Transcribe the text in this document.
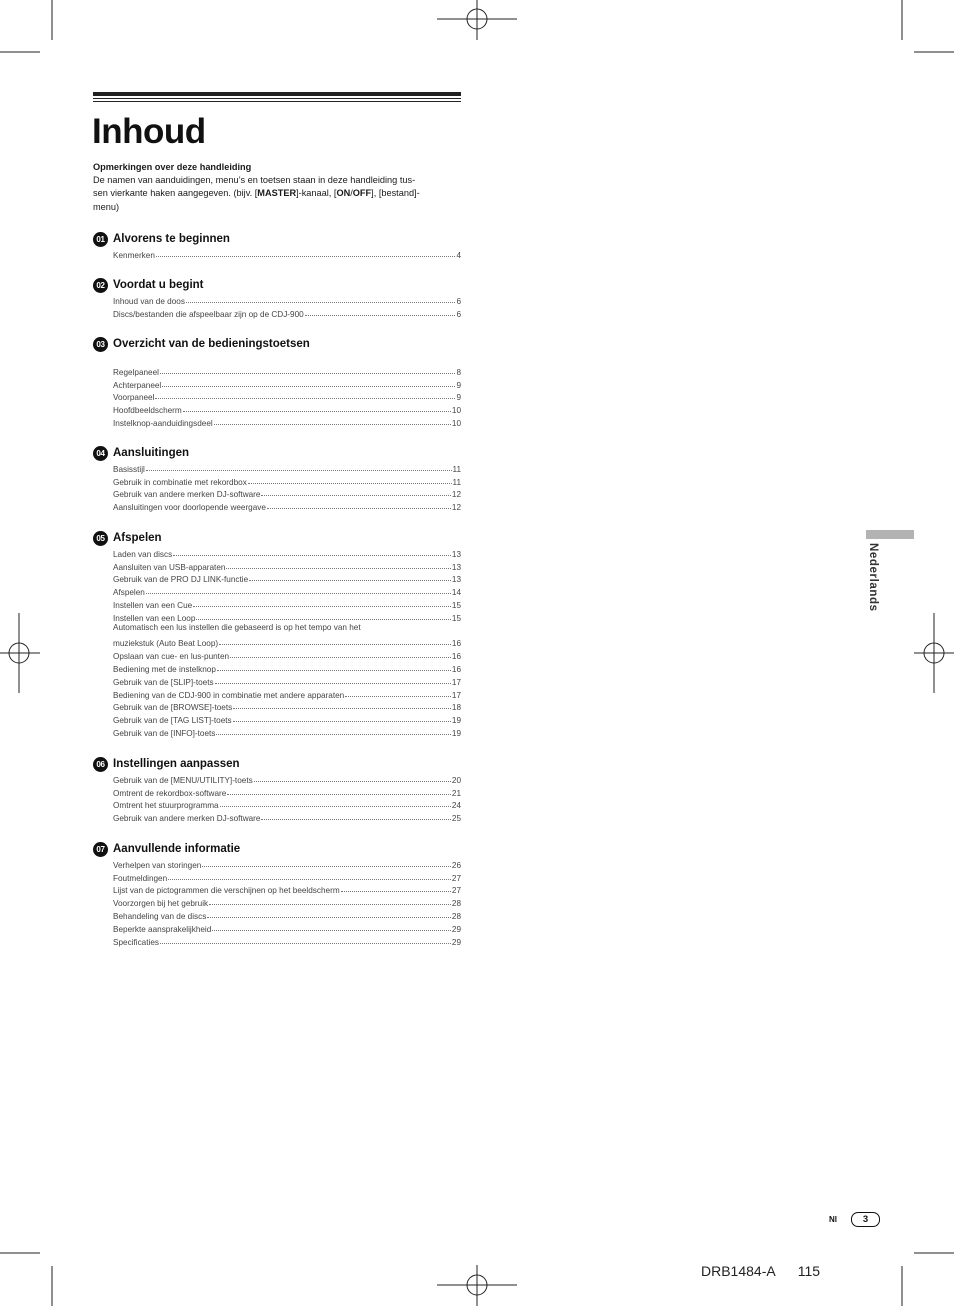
Inhoud
Opmerkingen over deze handleiding
De namen van aanduidingen, menu’s en toetsen staan in deze handleiding tus-
sen vierkante haken aangegeven. (bijv. [MASTER]-kanaal, [ON/OFF], [bestand]-
menu)
01 Alvorens te beginnen
Kenmerken	4
02 Voordat u begint
Inhoud van de doos	6
Discs/bestanden die afspeelbaar zijn op de CDJ-900	6
03 Overzicht van de bedieningstoetsen
Regelpaneel	8
Achterpaneel	9
Voorpaneel	9
Hoofdbeeldscherm	10
Instelknop-aanduidingsdeel	10
04 Aansluitingen
Basisstijl	11
Gebruik in combinatie met rekordbox	11
Gebruik van andere merken DJ-software	12
Aansluitingen voor doorlopende weergave	12
05 Afspelen
Laden van discs	13
Aansluiten van USB-apparaten	13
Gebruik van de PRO DJ LINK-functie	13
Afspelen	14
Instellen van een Cue	15
Instellen van een Loop	15
Automatisch een lus instellen die gebaseerd is op het tempo van het
muziekstuk (Auto Beat Loop)	16
Opslaan van cue- en lus-punten	16
Bediening met de instelknop	16
Gebruik van de [SLIP]-toets	17
Bediening van de CDJ-900 in combinatie met andere apparaten	17
Gebruik van de [BROWSE]-toets	18
Gebruik van de [TAG LIST]-toets	19
Gebruik van de [INFO]-toets	19
06 Instellingen aanpassen
Gebruik van de [MENU/UTILITY]-toets	20
Omtrent de rekordbox-software	21
Omtrent het stuurprogramma	24
Gebruik van andere merken DJ-software	25
07 Aanvullende informatie
Verhelpen van storingen	26
Foutmeldingen	27
Lijst van de pictogrammen die verschijnen op het beeldscherm	27
Voorzorgen bij het gebruik	28
Behandeling van de discs	28
Beperkte aansprakelijkheid	29
Specificaties	29
Nederlands
Nl	3
DRB1484-A 115
